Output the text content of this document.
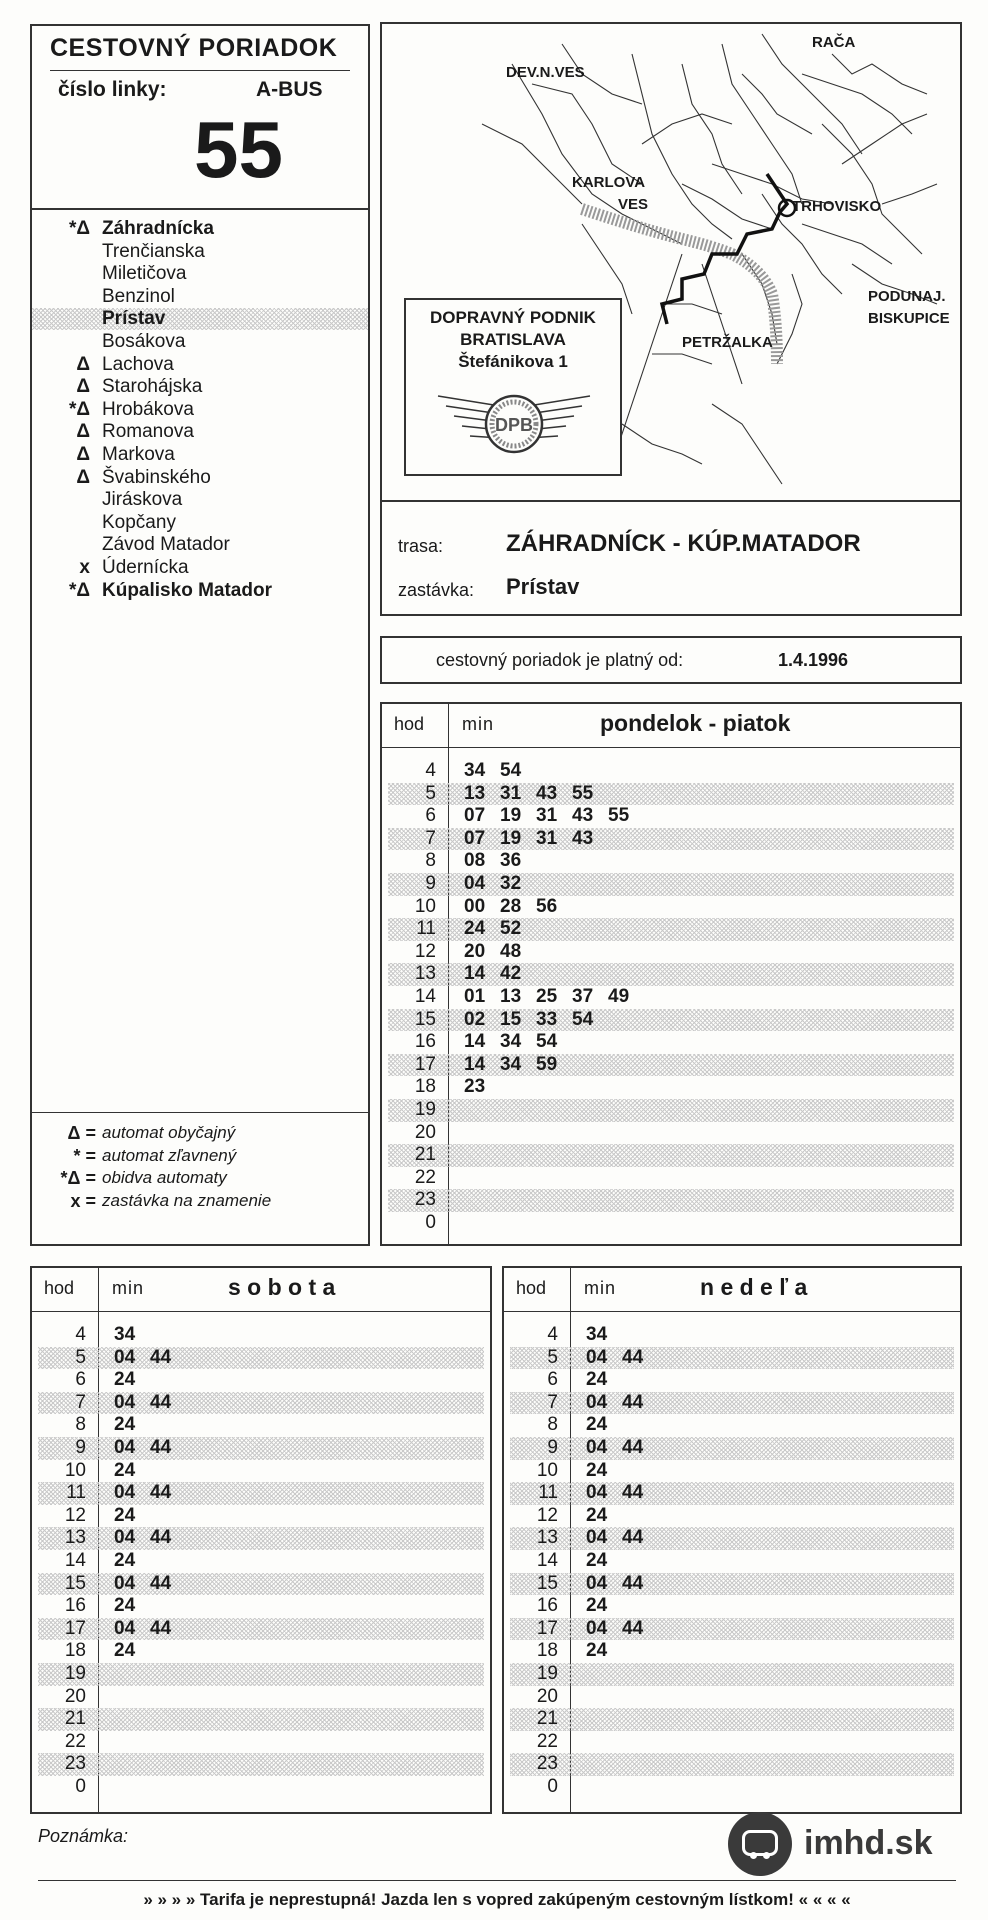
CESTOVNÝ PORIADOK
číslo linky:	A-BUS
55
*Δ Záhradnícka
Trenčianska
Miletičova
Benzinol
Prístav
Bosákova
Δ Lachova
Δ Starohájska
*Δ Hrobákova
Δ Romanova
Δ Markova
Δ Švabinského
Jiráskova
Kopčany
Závod Matador
x Údernícka
*Δ Kúpalisko Matador
Δ = automat obyčajný
* = automat zľavnený
*Δ = obidva automaty
x = zastávka na znamenie
DEV.N.VES
RAČA
KARLOVA
VES	TRHOVISKO
PODUNAJ.
BISKUPICE
PETRŽALKA
DOPRAVNÝ PODNIK
BRATISLAVA
Štefánikova 1
DPB
trasa:	ZÁHRADNÍCK - KÚP.MATADOR
zastávka: Prístav
cestovný poriadok je platný od:	1.4.1996
hod min	pondelok - piatok
4 34 54
5 13 31 43 55
6 07 19 31 43 55
7 07 19 31 43
8 08 36
9 04 32
10 00 28 56
11 24 52
12 20 48
13 14 42
14 01 13 25 37 49
15 02 15 33 54
16 14 34 54
17 14 34 59
18 23
19
20
21
22
23
0
hod min	s o b o t a
4 34
5 04 44
6 24
7 04 44
8 24
9 04 44
10 24
11 04 44
12 24
13 04 44
14 24
15 04 44
16 24
17 04 44
18 24
19
20
21
22
23
0
hod min	n e d e ľ a
4 34
5 04 44
6 24
7 04 44
8 24
9 04 44
10 24
11 04 44
12 24
13 04 44
14 24
15 04 44
16 24
17 04 44
18 24
19
20
21
22
23
0
Poznámka:	imhd.sk
» » » » Tarifa je neprestupná! Jazda len s vopred zakúpeným cestovným lístkom! « « « «
